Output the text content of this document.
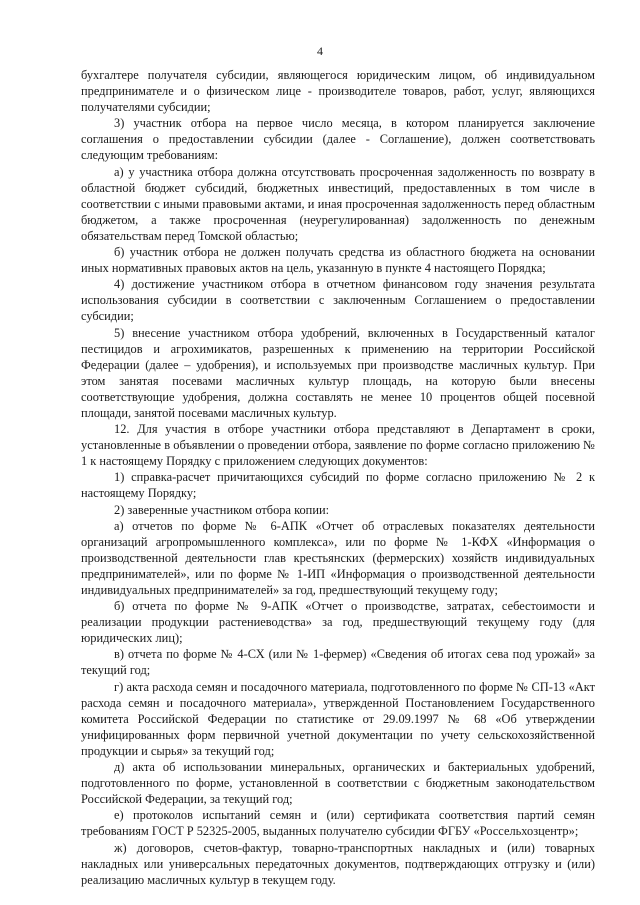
4

бухгалтере получателя субсидии, являющегося юридическим лицом, об индивидуальном предпринимателе и о физическом лице - производителе товаров, работ, услуг, являющихся получателями субсидии;

3) участник отбора на первое число месяца, в котором планируется заключение соглашения о предоставлении субсидии (далее - Соглашение), должен соответствовать следующим требованиям:

а) у участника отбора должна отсутствовать просроченная задолженность по возврату в областной бюджет субсидий, бюджетных инвестиций, предоставленных в том числе в соответствии с иными правовыми актами, и иная просроченная задолженность перед областным бюджетом, а также просроченная (неурегулированная) задолженность по денежным обязательствам перед Томской областью;

б) участник отбора не должен получать средства из областного бюджета на основании иных нормативных правовых актов на цель, указанную в пункте 4 настоящего Порядка;

4) достижение участником отбора в отчетном финансовом году значения результата использования субсидии в соответствии с заключенным Соглашением о предоставлении субсидии;

5) внесение участником отбора удобрений, включенных в Государственный каталог пестицидов и агрохимикатов, разрешенных к применению на территории Российской Федерации (далее – удобрения), и используемых при производстве масличных культур. При этом занятая посевами масличных культур площадь, на которую были внесены соответствующие удобрения, должна составлять не менее 10 процентов общей посевной площади, занятой посевами масличных культур.

12. Для участия в отборе участники отбора представляют в Департамент в сроки, установленные в объявлении о проведении отбора, заявление по форме согласно приложению № 1 к настоящему Порядку с приложением следующих документов:

1) справка-расчет причитающихся субсидий по форме согласно приложению № 2 к настоящему Порядку;

2) заверенные участником отбора копии:

а) отчетов по форме № 6-АПК «Отчет об отраслевых показателях деятельности организаций агропромышленного комплекса», или по форме № 1-КФХ «Информация о производственной деятельности глав крестьянских (фермерских) хозяйств индивидуальных предпринимателей», или по форме № 1-ИП «Информация о производственной деятельности индивидуальных предпринимателей» за год, предшествующий текущему году;

б) отчета по форме № 9-АПК «Отчет о производстве, затратах, себестоимости и реализации продукции растениеводства» за год, предшествующий текущему году (для юридических лиц);

в) отчета по форме № 4-СХ (или № 1-фермер) «Сведения об итогах сева под урожай» за текущий год;

г) акта расхода семян и посадочного материала, подготовленного по форме № СП-13 «Акт расхода семян и посадочного материала», утвержденной Постановлением Государственного комитета Российской Федерации по статистике от 29.09.1997 № 68 «Об утверждении унифицированных форм первичной учетной документации по учету сельскохозяйственной продукции и сырья» за текущий год;

д) акта об использовании минеральных, органических и бактериальных удобрений, подготовленного по форме, установленной в соответствии с бюджетным законодательством Российской Федерации, за текущий год;

е) протоколов испытаний семян и (или) сертификата соответствия партий семян требованиям ГОСТ Р 52325-2005, выданных получателю субсидии ФГБУ «Россельхозцентр»;

ж) договоров, счетов-фактур, товарно-транспортных накладных и (или) товарных накладных или универсальных передаточных документов, подтверждающих отгрузку и (или) реализацию масличных культур в текущем году.
